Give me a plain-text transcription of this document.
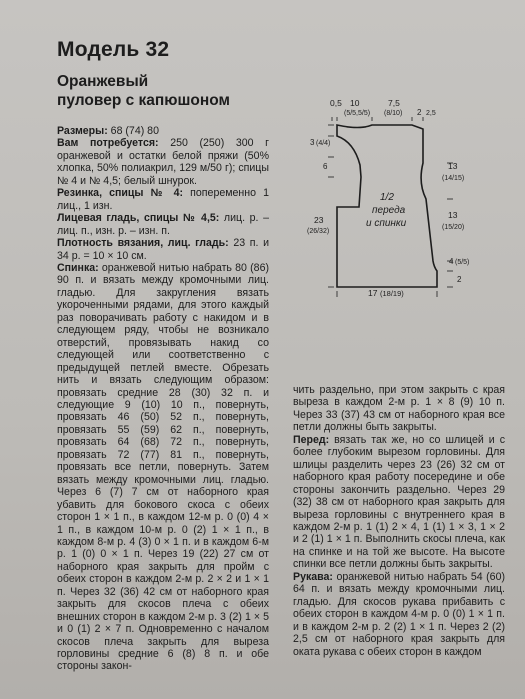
Модель 32
Оранжевый
пуловер с капюшоном

Размеры: 68 (74) 80

Вам потребуется: 250 (250) 300 г оранжевой и остатки белой пряжи (50% хлопка, 50% полиакрил, 129 м/50 г); спицы № 4 и № 4,5; белый шнурок.

Резинка, спицы № 4: попеременно 1 лиц., 1 изн.

Лицевая гладь, спицы № 4,5: лиц. р. – лиц. п., изн. р. – изн. п.

Плотность вязания, лиц. гладь: 23 п. и 34 р. = 10 × 10 см.

Спинка: оранжевой нитью набрать 80 (86) 90 п. и вязать между кромочными лиц. гладью. Для закругления вязать укороченными рядами, для этого каждый раз поворачивать работу с накидом и в следующем ряду, чтобы не возникало отверстий, провязывать накид со следующей или соответственно с предыдущей петлей вместе. Обрезать нить и вязать следующим образом: провязать средние 28 (30) 32 п. и следующие 9 (10) 10 п., повернуть, провязать 46 (50) 52 п., повернуть, провязать 55 (59) 62 п., повернуть, провязать 64 (68) 72 п., повернуть, провязать 72 (77) 81 п., повернуть, провязать все петли, повернуть. Затем вязать между кромочными лиц. гладью. Через 6 (7) 7 см от наборного края убавить для бокового скоса с обеих сторон 1 × 1 п., в каждом 12-м р. 0 (0) 4 × 1 п., в каждом 10-м р. 0 (2) 1 × 1 п., в каждом 8-м р. 4 (3) 0 × 1 п. и в каждом 6-м р. 1 (0) 0 × 1 п. Через 19 (22) 27 см от наборного края закрыть для пройм с обеих сторон в каждом 2-м р. 2 × 2 и 1 × 1 п. Через 32 (36) 42 см от наборного края закрыть для скосов плеча с обеих внешних сторон в каждом 2-м р. 3 (2) 1 × 5 и 0 (1) 2 × 7 п. Одновременно с началом скосов плеча закрыть для выреза горловины средние 6 (8) 8 п. и обе стороны закон-

0,5 10
(5/5,5/5)
7,5
(8/10) 2 2,5
3 (4/4)
6
23
(26/32)
13
(14/15)
13
(15/20)
4 (5/5)
2
1/2
переда
и спинки
17 (18/19)

чить раздельно, при этом закрыть с края выреза в каждом 2-м р. 1 × 8 (9) 10 п. Через 33 (37) 43 см от наборного края все петли должны быть закрыты.

Перед: вязать так же, но со шлицей и с более глубоким вырезом горловины. Для шлицы разделить через 23 (26) 32 см от наборного края работу посередине и обе стороны закончить раздельно. Через 29 (32) 38 см от наборного края закрыть для выреза горловины с внутреннего края в каждом 2-м р. 1 (1) 2 × 4, 1 (1) 1 × 3, 1 × 2 и 2 (1) 1 × 1 п. Выполнить скосы плеча, как на спинке и на той же высоте. На высоте спинки все петли должны быть закрыты.

Рукава: оранжевой нитью набрать 54 (60) 64 п. и вязать между кромочными лиц. гладью. Для скосов рукава прибавить с обеих сторон в каждом 4-м р. 0 (0) 1 × 1 п. и в каждом 2-м р. 2 (2) 1 × 1 п. Через 2 (2) 2,5 см от наборного края закрыть для оката рукава с обеих сторон в каждом
